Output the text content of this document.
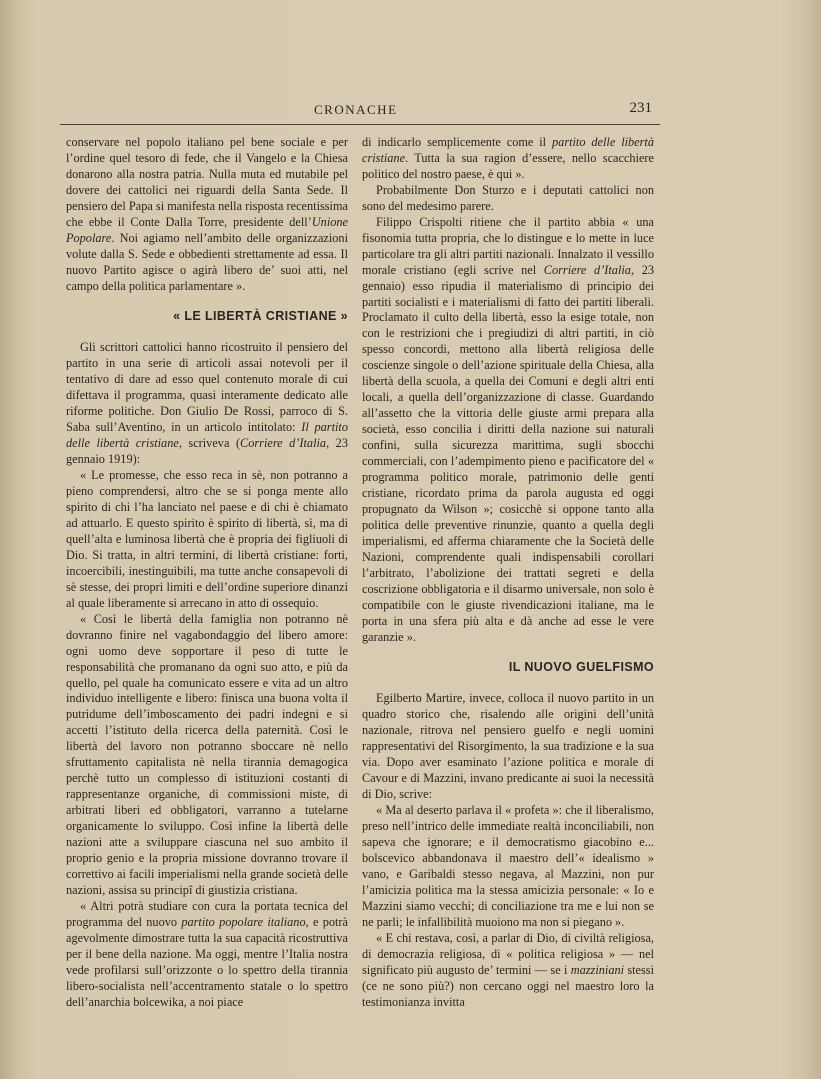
CRONACHE	231

conservare nel popolo italiano pel bene sociale e per l’ordine quel tesoro di fede, che il Vangelo e la Chiesa donarono alla nostra patria. Nulla muta ed mutabile pel dovere dei cattolici nei riguardi della Santa Sede. Il pensiero del Papa si manifesta nella risposta recentissima che ebbe il Conte Dalla Torre, presidente dell’Unione Popolare. Noi agiamo nell’ambito delle organizzazioni volute dalla S. Sede e obbedienti strettamente ad essa. Il nuovo Partito agisce o agirà libero de’ suoi atti, nel campo della politica parlamentare ».

« LE LIBERTÀ CRISTIANE »

Gli scrittori cattolici hanno ricostruito il pensiero del partito in una serie di articoli assai notevoli per il tentativo di dare ad esso quel contenuto morale di cui difettava il programma, quasi interamente dedicato alle riforme politiche. Don Giulio De Rossi, parroco di S. Saba sull’Aventino, in un articolo intitolato: Il partito delle libertà cristiane, scriveva (Corriere d’Italia, 23 gennaio 1919):

« Le promesse, che esso reca in sè, non potranno a pieno comprendersi, altro che se si ponga mente allo spirito di chi l’ha lanciato nel paese e di chi è chiamato ad attuarlo. E questo spirito è spirito di libertà, sì, ma di quell’alta e luminosa libertà che è propria dei figliuoli di Dio. Si tratta, in altri termini, di libertà cristiane: forti, incoercibili, inestinguibili, ma tutte anche consapevoli di sè stesse, dei propri limiti e dell’ordine superiore dinanzi al quale liberamente si arrecano in atto di ossequio.

« Così le libertà della famiglia non potranno nè dovranno finire nel vagabondaggio del libero amore: ogni uomo deve sopportare il peso di tutte le responsabilità che promanano da ogni suo atto, e più da quello, pel quale ha comunicato essere e vita ad un altro individuo intelligente e libero: finisca una buona volta il putridume dell’imboscamento dei padri indegni e si accetti l’istituto della ricerca della paternità. Così le libertà del lavoro non potranno sboccare nè nello sfruttamento capitalista nè nella tirannia demagogica perchè tutto un complesso di istituzioni costanti di rappresentanze organiche, di commissioni miste, di arbitrati liberi ed obbligatori, varranno a tutelarne organicamente lo sviluppo. Così infine la libertà delle nazioni atte a sviluppare ciascuna nel suo ambito il proprio genio e la propria missione dovranno trovare il correttivo ai facili imperialismi nella grande società delle nazioni, assisa su principî di giustizia cristiana.

« Altri potrà studiare con cura la portata tecnica del programma del nuovo partito popolare italiano, e potrà agevolmente dimostrare tutta la sua capacità ricostruttiva per il bene della nazione. Ma oggi, mentre l’Italia nostra vede profilarsi sull’orizzonte o lo spettro della tirannia libero-socialista nell’accentramento statale o lo spettro dell’anarchia bolcewika, a noi piace

di indicarlo semplicemente come il partito delle libertà cristiane. Tutta la sua ragion d’essere, nello scacchiere politico del nostro paese, è qui ».

Probabilmente Don Sturzo e i deputati cattolici non sono del medesimo parere.

Filippo Crispolti ritiene che il partito abbia « una fisonomia tutta propria, che lo distingue e lo mette in luce particolare tra gli altri partiti nazionali. Innalzato il vessillo morale cristiano (egli scrive nel Corriere d’Italia, 23 gennaio) esso ripudia il materialismo di principio dei partiti socialisti e i materialismi di fatto dei partiti liberali. Proclamato il culto della libertà, esso la esige totale, non con le restrizioni che i pregiudizi di altri partiti, in ciò spesso concordi, mettono alla libertà religiosa delle coscienze singole o dell’azione spirituale della Chiesa, alla libertà della scuola, a quella dei Comuni e degli altri enti locali, a quella dell’organizzazione di classe. Guardando all’assetto che la vittoria delle giuste armi prepara alla società, esso concilia i diritti della nazione sui naturali confini, sulla sicurezza marittima, sugli sbocchi commerciali, con l’adempimento pieno e pacificatore del « programma politico morale, patrimonio delle genti cristiane, ricordato prima da parola augusta ed oggi propugnato da Wilson »; cosicchè si oppone tanto alla politica delle preventive rinunzie, quanto a quella degli imperialismi, ed afferma chiaramente che la Società delle Nazioni, comprendente quali indispensabili corollari l’arbitrato, l’abolizione dei trattati segreti e della coscrizione obbligatoria e il disarmo universale, non solo è compatibile con le giuste rivendicazioni italiane, ma le porta in una sfera più alta e dà anche ad esse le vere garanzie ».

IL NUOVO GUELFISMO

Egilberto Martire, invece, colloca il nuovo partito in un quadro storico che, risalendo alle origini dell’unità nazionale, ritrova nel pensiero guelfo e negli uomini rappresentativi del Risorgimento, la sua tradizione e la sua via. Dopo aver esaminato l’azione politica e morale di Cavour e di Mazzini, invano predicante ai suoi la necessità di Dio, scrive:

« Ma al deserto parlava il « profeta »: che il liberalismo, preso nell’intrico delle immediate realtà inconciliabili, non sapeva che ignorare; e il democratismo giacobino e... bolscevico abbandonava il maestro dell’« idealismo » vano, e Garibaldi stesso negava, al Mazzini, non pur l’amicizia politica ma la stessa amicizia personale: « Io e Mazzini siamo vecchi; di conciliazione tra me e lui non se ne parli; le infallibilità muoiono ma non si piegano ».

« E chi restava, così, a parlar di Dio, di civiltà religiosa, di democrazia religiosa, di « politica religiosa » — nel significato più augusto de’ termini — se i mazziniani stessi (ce ne sono più?) non cercano oggi nel maestro loro la testimonianza invitta
